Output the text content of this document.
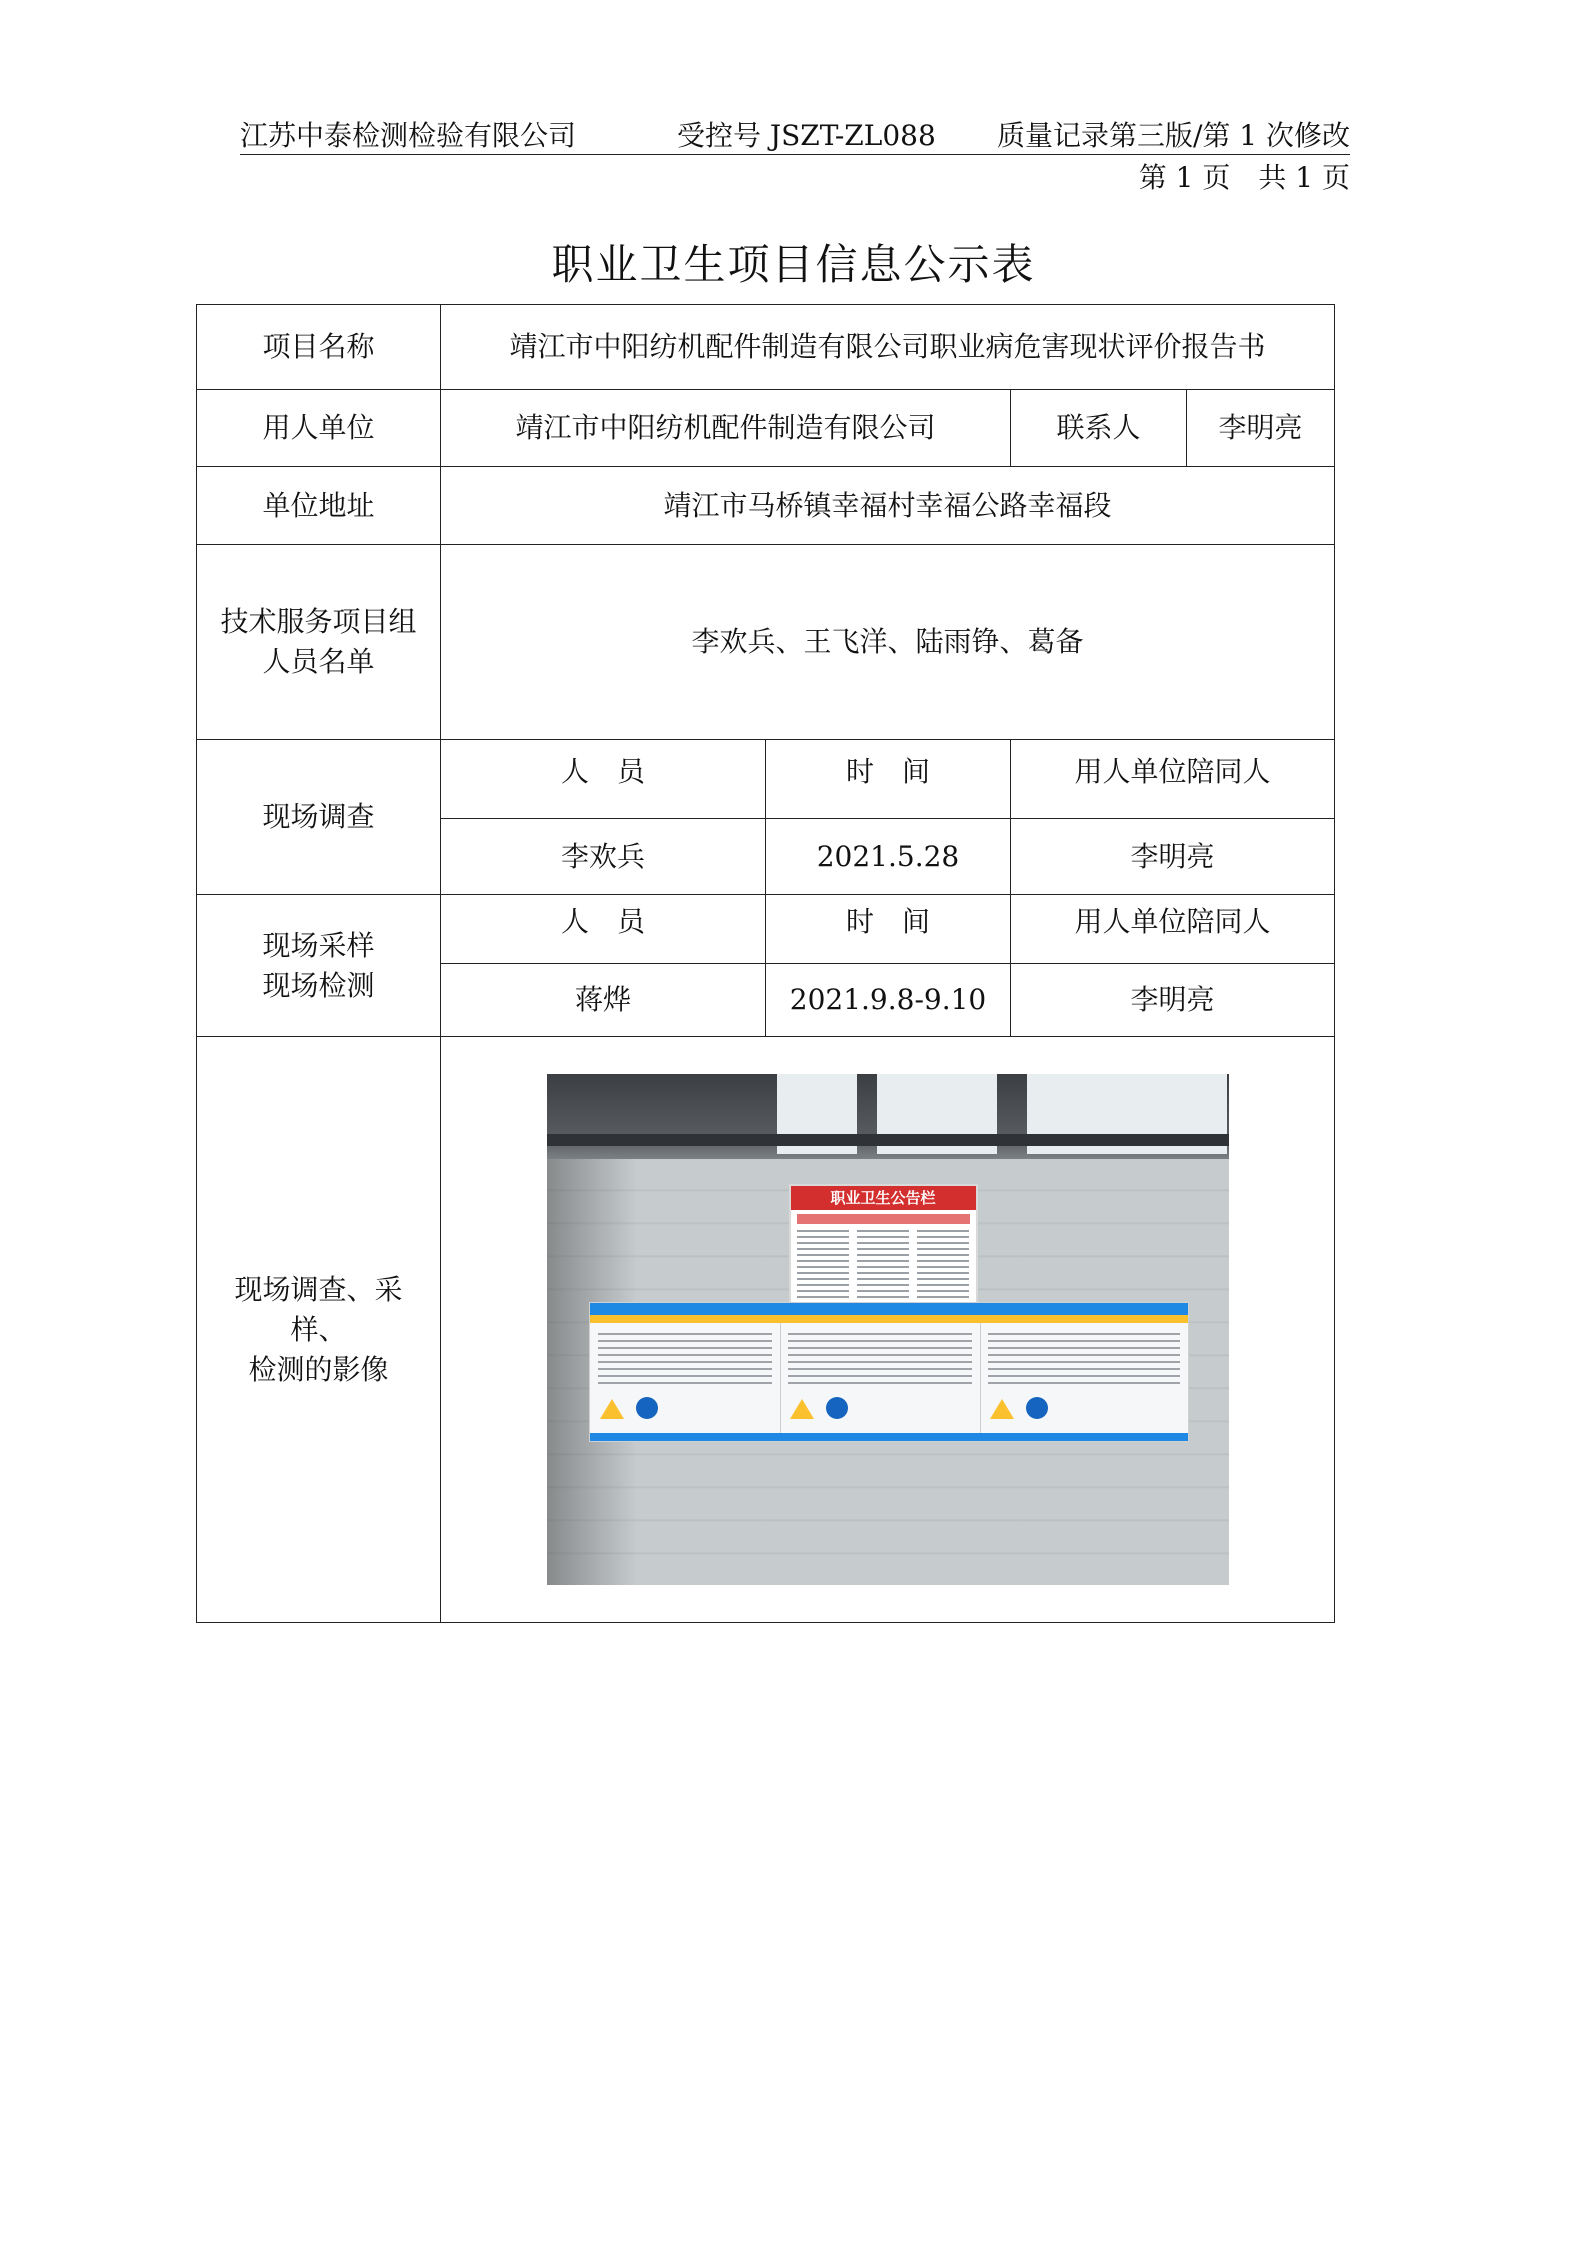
江苏中泰检测检验有限公司	受控号 JSZT-ZL088 质量记录第三版/第 1 次修改
第 1 页　共 1 页
职业卫生项目信息公示表
项目名称	靖江市中阳纺机配件制造有限公司职业病危害现状评价报告书			
用人单位	靖江市中阳纺机配件制造有限公司		联系人	李明亮
单位地址	靖江市马桥镇幸福村幸福公路幸福段			

技术服务项目组
人员名单	李欢兵、王飞洋、陆雨铮、葛备			
现场调查	人　员	时　间	用人单位陪同人	
	李欢兵	2021.5.28	李明亮	

现场采样
现场检测	人　员	时　间	用人单位陪同人	
	蒋烨	2021.9.8-9.10	李明亮	

现场调查、采样、
检测的影像	职业卫生公告栏			
